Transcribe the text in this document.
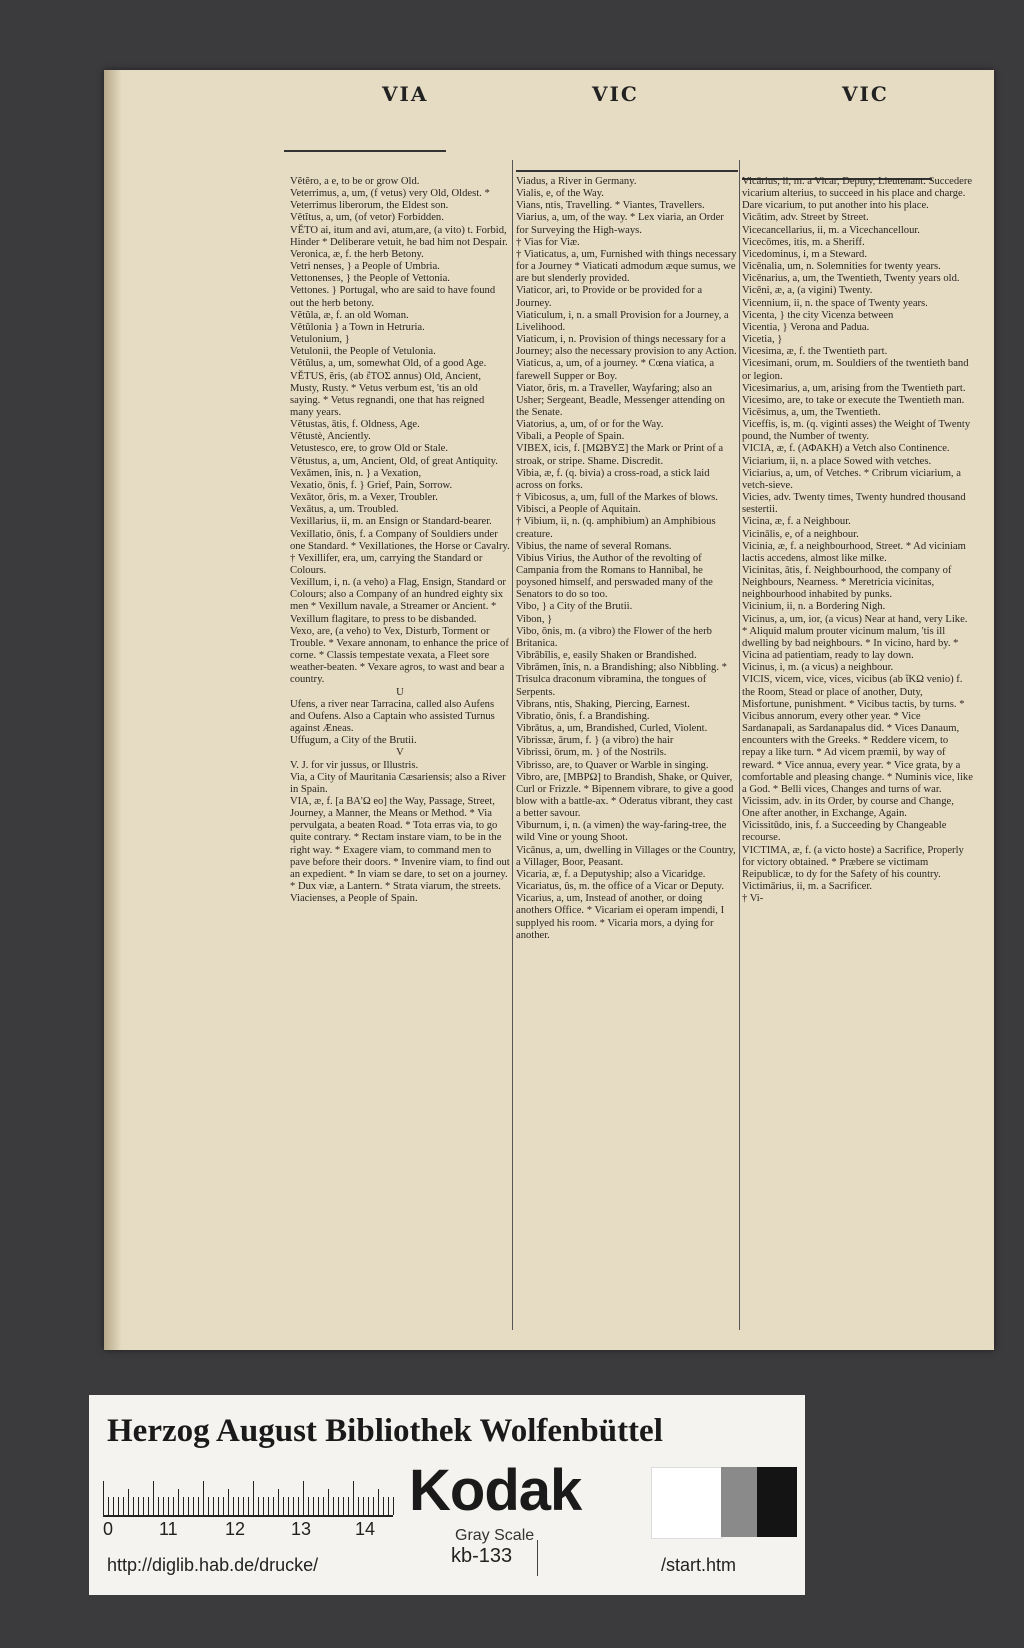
VIA	VIC	VIC

Vĕtĕro, a e, to be or grow Old.

Veterrimus, a, um, (f vetus) very Old, Oldest. * Veterrimus liberorum, the Eldest son.

Vĕtĭtus, a, um, (of vetor) Forbidden.

VĔTO ai, itum and avi, atum,are, (a vito) t. Forbid, Hinder * Deliberare vetuit, he bad him not Despair.

Veronica, æ, f. the herb Betony.

Vetri nenses, } a People of Umbria.

Vettonenses, } the People of Vettonia.

Vettones. } Portugal, who are said to have found out the herb betony.

Vĕtŭla, æ, f. an old Woman.

Vĕtŭlonia } a Town in Hetruria.

Vetulonium, }

Vetulonii, the People of Vetulonia.

Vĕtŭlus, a, um, somewhat Old, of a good Age.

VĔTUS, ĕris, (ab ἔΤΟΣ annus) Old, Ancient, Musty, Rusty. * Vetus verbum est, 'tis an old saying. * Vetus regnandi, one that has reigned many years.

Vĕtustas, ātis, f. Oldness, Age.

Vĕtustè, Anciently.

Vetustesco, ere, to grow Old or Stale.

Vĕtustus, a, um, Ancient, Old, of great Antiquity.

Vexāmen, ĭnis, n. } a Vexation,

Vexatio, ōnis, f. } Grief, Pain, Sorrow.

Vexātor, ōris, m. a Vexer, Troubler.

Vexātus, a, um. Troubled.

Vexillarius, ii, m. an Ensign or Standard-bearer.

Vexillatio, ōnis, f. a Company of Souldiers under one Standard. * Vexillationes, the Horse or Cavalry.

† Vexillifer, era, um, carrying the Standard or Colours.

Vexillum, i, n. (a veho) a Flag, Ensign, Standard or Colours; also a Company of an hundred eighty six men * Vexillum navale, a Streamer or Ancient. * Vexillum flagitare, to press to be disbanded.

Vexo, are, (a veho) to Vex, Disturb, Torment or Trouble. * Vexare annonam, to enhance the price of corne. * Classis tempestate vexata, a Fleet sore weather-beaten. * Vexare agros, to wast and bear a country.

U

Ufens, a river near Tarracina, called also Aufens and Oufens. Also a Captain who assisted Turnus against Æneas.

Uffugum, a City of the Brutii.

V

V. J. for vir jussus, or Illustris.

Via, a City of Mauritania Cæsariensis; also a River in Spain.

VIA, æ, f. [a ΒΑ'Ω eo] the Way, Passage, Street, Journey, a Manner, the Means or Method. * Via pervulgata, a beaten Road. * Tota erras via, to go quite contrary. * Rectam instare viam, to be in the right way. * Exagere viam, to command men to pave before their doors. * Invenire viam, to find out an expedient. * In viam se dare, to set on a journey. * Dux viæ, a Lantern. * Strata viarum, the streets.

Viacienses, a People of Spain.

Viadus, a River in Germany.

Vialis, e, of the Way.

Vians, ntis, Travelling. * Viantes, Travellers.

Viarius, a, um, of the way. * Lex viaria, an Order for Surveying the High-ways.

† Vias for Viæ.

† Viaticatus, a, um, Furnished with things necessary for a Journey * Viaticati admodum æque sumus, we are but slenderly provided.

Viaticor, ari, to Provide or be provided for a Journey.

Viaticulum, i, n. a small Provision for a Journey, a Livelihood.

Viaticum, i, n. Provision of things necessary for a Journey; also the necessary provision to any Action.

Viaticus, a, um, of a journey. * Cœna viatica, a farewell Supper or Boy.

Viator, ōris, m. a Traveller, Wayfaring; also an Usher; Sergeant, Beadle, Messenger attending on the Senate.

Viatorius, a, um, of or for the Way.

Vibali, a People of Spain.

VIBEX, icis, f. [ΜΩΒΥΞ] the Mark or Print of a stroak, or stripe. Shame. Discredit.

Vibia, æ, f. (q. bivia) a cross-road, a stick laid across on forks.

† Vibicosus, a, um, full of the Markes of blows.

Vibisci, a People of Aquitain.

† Vibium, ii, n. (q. amphibium) an Amphibious creature.

Vibius, the name of several Romans.

Vibius Virius, the Author of the revolting of Campania from the Romans to Hannibal, he poysoned himself, and perswaded many of the Senators to do so too.

Vibo, } a City of the Brutii.

Vibon, }

Vibo, ōnis, m. (a vibro) the Flower of the herb Britanica.

Vibrābĭlis, e, easily Shaken or Brandished.

Vibrāmen, ĭnis, n. a Brandishing; also Nibbling. * Trisulca draconum vibramina, the tongues of Serpents.

Vibrans, ntis, Shaking, Piercing, Earnest.

Vibratio, ōnis, f. a Brandishing.

Vibrātus, a, um, Brandished, Curled, Violent.

Vibrissæ, ārum, f. } (a vibro) the hair

Vibrissi, ōrum, m. } of the Nostrils.

Vibrisso, are, to Quaver or Warble in singing.

Vibro, are, [ΜΒΡΩ] to Brandish, Shake, or Quiver, Curl or Frizzle. * Bipennem vibrare, to give a good blow with a battle-ax. * Oderatus vibrant, they cast a better savour.

Viburnum, i, n. (a vimen) the way-faring-tree, the wild Vine or young Shoot.

Vicānus, a, um, dwelling in Villages or the Country, a Villager, Boor, Peasant.

Vicaria, æ, f. a Deputyship; also a Vicaridge.

Vicariatus, ûs, m. the office of a Vicar or Deputy.

Vicarius, a, um, Instead of another, or doing anothers Office. * Vicariam ei operam impendi, I supplyed his room. * Vicaria mors, a dying for another.

Vicārius, ii, m. a Vicar, Deputy, Lieutenant. Succedere vicarium alterius, to succeed in his place and charge. Dare vicarium, to put another into his place.

Vicātim, adv. Street by Street.

Vicecancellarius, ii, m. a Vicechancellour.

Vicecōmes, itis, m. a Sheriff.

Vicedominus, i, m a Steward.

Vicēnalia, um, n. Solemnities for twenty years.

Vicēnarius, a, um, the Twentieth, Twenty years old.

Vicēni, æ, a, (a vigini) Twenty.

Vicennium, ii, n. the space of Twenty years.

Vicenta, } the city Vicenza between

Vicentia, } Verona and Padua.

Vicetia, }

Vicesima, æ, f. the Twentieth part.

Vicesimani, orum, m. Souldiers of the twentieth band or legion.

Vicesimarius, a, um, arising from the Twentieth part.

Vicesimo, are, to take or execute the Twentieth man.

Vicēsimus, a, um, the Twentieth.

Viceffis, is, m. (q. viginti asses) the Weight of Twenty pound, the Number of twenty.

VICIA, æ, f. (ΑΦΑΚΗ) a Vetch also Continence.

Viciarium, ii, n. a place Sowed with vetches.

Viciarius, a, um, of Vetches. * Cribrum viciarium, a vetch-sieve.

Vicies, adv. Twenty times, Twenty hundred thousand sestertii.

Vicina, æ, f. a Neighbour.

Vicinālis, e, of a neighbour.

Vicinia, æ, f. a neighbourhood, Street. * Ad viciniam lactis accedens, almost like milke.

Vicinitas, ātis, f. Neighbourhood, the company of Neighbours, Nearness. * Meretricia vicinitas, neighbourhood inhabited by punks.

Vicinium, ii, n. a Bordering Nigh.

Vicinus, a, um, ior, (a vicus) Near at hand, very Like. * Aliquid malum prouter vicinum malum, 'tis ill dwelling by bad neighbours. * In vicino, hard by. * Vicina ad patientiam, ready to lay down.

Vicinus, i, m. (a vicus) a neighbour.

VICIS, vicem, vice, vices, vicibus (ab ἵΚΩ venio) f. the Room, Stead or place of another, Duty, Misfortune, punishment. * Vicibus tactis, by turns. * Vicibus annorum, every other year. * Vice Sardanapali, as Sardanapalus did. * Vices Danaum, encounters with the Greeks. * Reddere vicem, to repay a like turn. * Ad vicem præmii, by way of reward. * Vice annua, every year. * Vice grata, by a comfortable and pleasing change. * Numinis vice, like a God. * Belli vices, Changes and turns of war.

Vicissim, adv. in its Order, by course and Change, One after another, in Exchange, Again.

Vicissitūdo, inis, f. a Succeeding by Changeable recourse.

VICTIMA, æ, f. (a victo hoste) a Sacrifice, Properly for victory obtained. * Præbere se victimam Reipublicæ, to dy for the Safety of his country.

Victimārius, ii, m. a Sacrificer.

† Vi-

Herzog August Bibliothek Wolfenbüttel
0	11	12	13 14
Kodak
Gray Scale
http://diglib.hab.de/drucke/	kb-133	/start.htm
